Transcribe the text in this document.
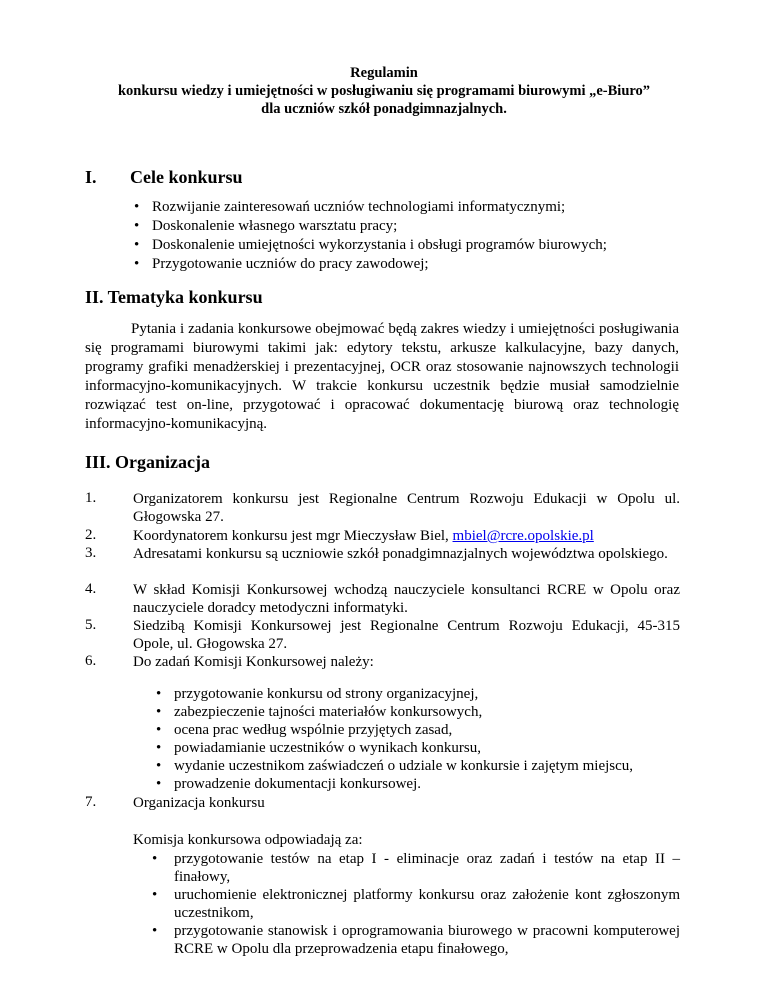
Regulamin
konkursu wiedzy i umiejętności w posługiwaniu się programami biurowymi „e-Biuro”
dla uczniów szkół ponadgimnazjalnych.
I. Cele konkursu
• Rozwijanie zainteresowań uczniów technologiami informatycznymi;
• Doskonalenie własnego warsztatu pracy;
• Doskonalenie umiejętności wykorzystania i obsługi programów biurowych;
• Przygotowanie uczniów do pracy zawodowej;
II. Tematyka konkursu
Pytania i zadania konkursowe obejmować będą zakres wiedzy i umiejętności posługiwania się programami biurowymi takimi jak: edytory tekstu, arkusze kalkulacyjne, bazy danych, programy grafiki menadżerskiej i prezentacyjnej, OCR oraz stosowanie najnowszych technologii informacyjno-komunikacyjnych. W trakcie konkursu uczestnik będzie musiał samodzielnie rozwiązać test on-line, przygotować i opracować dokumentację biurową oraz technologię informacyjno-komunikacyjną.
III. Organizacja
1. Organizatorem konkursu jest Regionalne Centrum Rozwoju Edukacji w Opolu ul. Głogowska 27.
2. Koordynatorem konkursu jest mgr Mieczysław Biel, mbiel@rcre.opolskie.pl
3. Adresatami konkursu są uczniowie szkół ponadgimnazjalnych województwa opolskiego.
4. W skład Komisji Konkursowej wchodzą nauczyciele konsultanci RCRE w Opolu oraz nauczyciele doradcy metodyczni informatyki.
5. Siedzibą Komisji Konkursowej jest Regionalne Centrum Rozwoju Edukacji, 45-315 Opole, ul. Głogowska 27.
6. Do zadań Komisji Konkursowej należy:
• przygotowanie konkursu od strony organizacyjnej,
• zabezpieczenie tajności materiałów konkursowych,
• ocena prac według wspólnie przyjętych zasad,
• powiadamianie uczestników o wynikach konkursu,
• wydanie uczestnikom zaświadczeń o udziale w konkursie i zajętym miejscu,
• prowadzenie dokumentacji konkursowej.
7. Organizacja konkursu
Komisja konkursowa odpowiadają za:
• przygotowanie testów na etap I - eliminacje oraz zadań i testów na etap II – finałowy,
• uruchomienie elektronicznej platformy konkursu oraz założenie kont zgłoszonym uczestnikom,
• przygotowanie stanowisk i oprogramowania biurowego w pracowni komputerowej RCRE w Opolu dla przeprowadzenia etapu finałowego,
